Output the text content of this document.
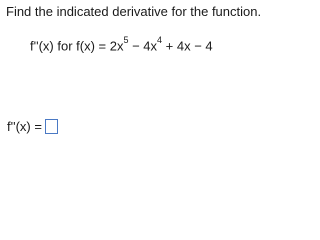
Find the indicated derivative for the function.
f''(x) for $f(x) = 2x^5 - 4x^4 + 4x - 4$
f''(x) =
